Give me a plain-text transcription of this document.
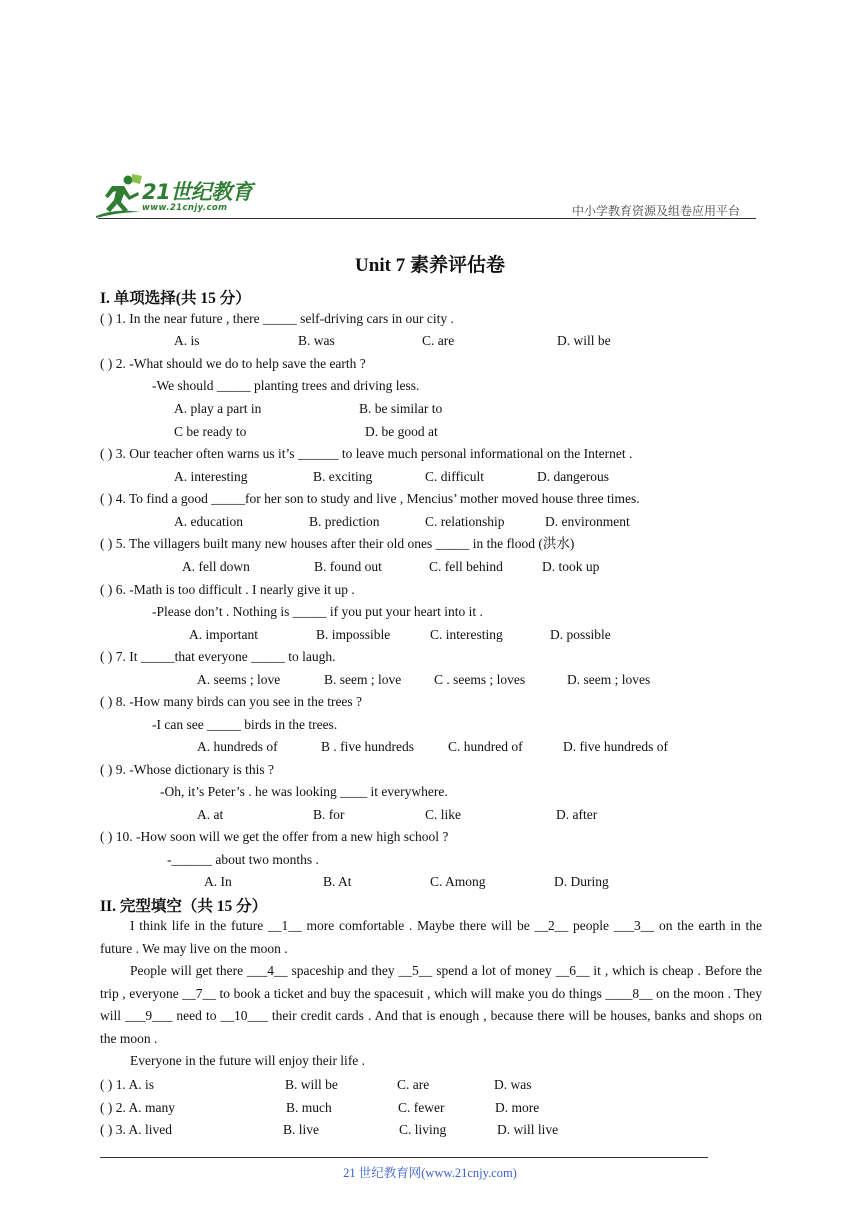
21世纪教育
www.21cnjy.com	中小学教育资源及组卷应用平台
Unit 7 素养评估卷
I. 单项选择(共 15 分）
( ) 1. In the near future , there _____ self-driving cars in our city .
A. is	B. was	C. are	D. will be
( ) 2. -What should we do to help save the earth ?
-We should _____ planting trees and driving less.
A. play a part in	B. be similar to
C be ready to	D. be good at
( ) 3. Our teacher often warns us it’s ______ to leave much personal informational on the Internet .
A. interesting	B. exciting	C. difficult	D. dangerous
( ) 4. To find a good _____for her son to study and live , Mencius’ mother moved house three times.
A. education	B. prediction	C. relationship	D. environment
( ) 5. The villagers built many new houses after their old ones _____ in the flood (洪水)
A. fell down	B. found out	C. fell behind	D. took up
( ) 6. -Math is too difficult . I nearly give it up .
-Please don’t . Nothing is _____ if you put your heart into it .
A. important	B. impossible	C. interesting	D. possible
( ) 7. It _____that everyone _____ to laugh.
A. seems ; love	B. seem ; love C . seems ; loves	D. seem ; loves
( ) 8. -How many birds can you see in the trees ?
-I can see _____ birds in the trees.
A. hundreds of	B . five hundreds	C. hundred of	D. five hundreds of
( ) 9. -Whose dictionary is this ?
-Oh, it’s Peter’s . he was looking ____ it everywhere.
A. at	B. for	C. like	D. after
( ) 10. -How soon will we get the offer from a new high school ?
-______ about two months .
A. In	B. At	C. Among	D. During
II. 完型填空（共 15 分）
I think life in the future __1__ more comfortable . Maybe there will be __2__ people ___3__ on the earth in the future . We may live on the moon .
People will get there ___4__ spaceship and they __5__ spend a lot of money __6__ it , which is cheap . Before the trip , everyone __7__ to book a ticket and buy the spacesuit , which will make you do things ____8__ on the moon . They will ___9___ need to __10___ their credit cards . And that is enough , because there will be houses, banks and shops on the moon .
Everyone in the future will enjoy their life .
( ) 1. A. is	B. will be	C. are	D. was
( ) 2. A. many	B. much	C. fewer	D. more
( ) 3. A. lived	B. live	C. living	D. will live
21 世纪教育网(www.21cnjy.com)
